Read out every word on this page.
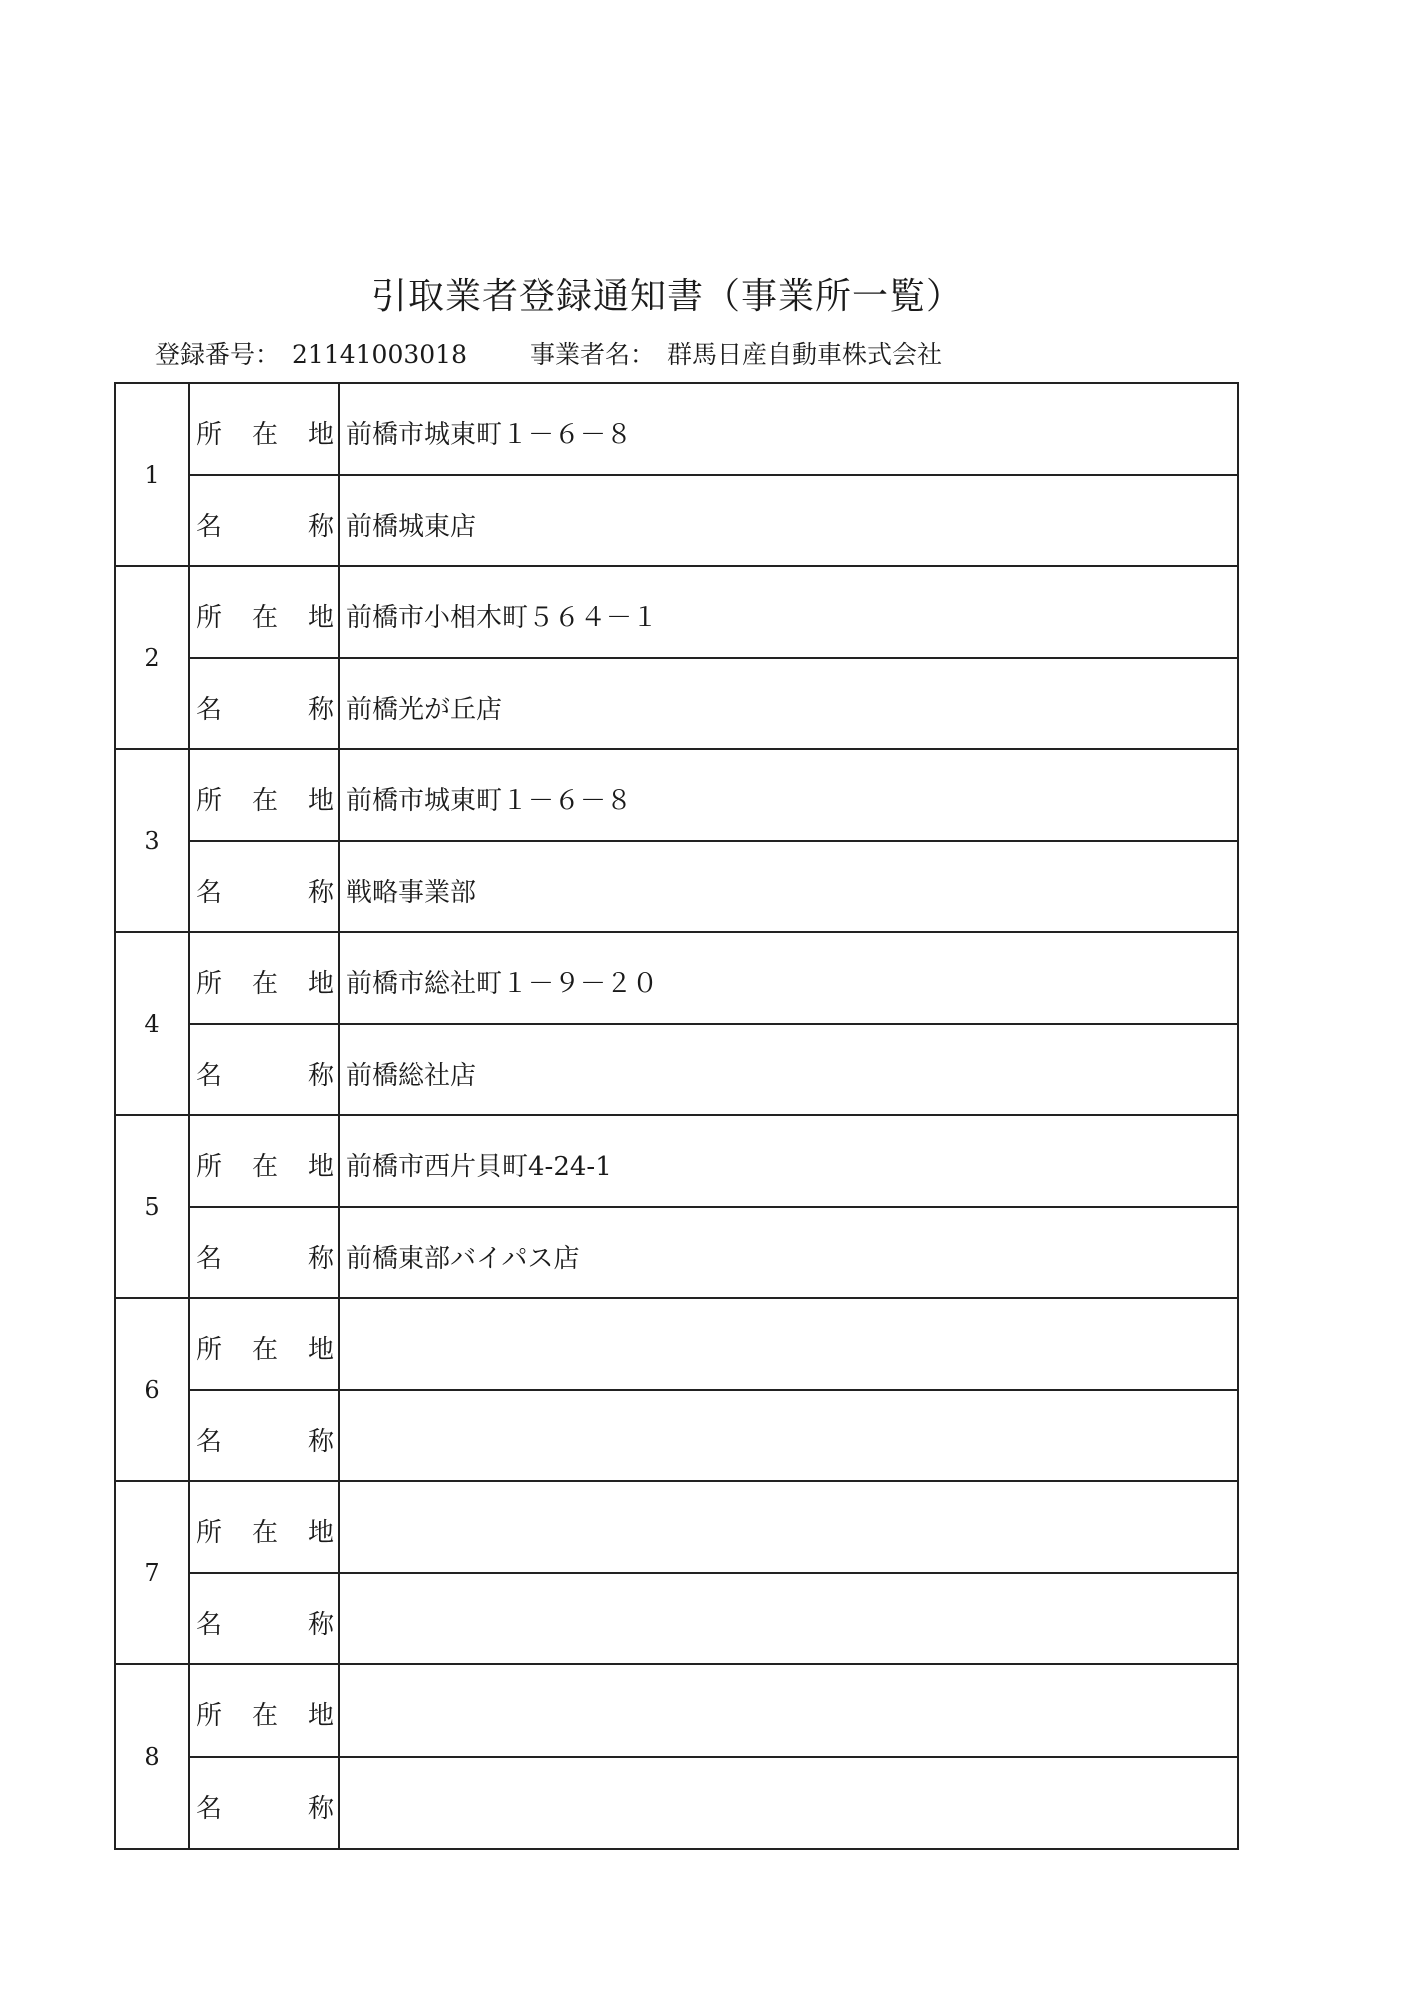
引取業者登録通知書（事業所一覧）
登録番号： 21141003018	事業者名： 群馬日産自動車株式会社
1
所　在　地 前橋市城東町１－６－８
名　　　称 前橋城東店
2
所　在　地 前橋市小相木町５６４－１
名　　　称 前橋光が丘店
3
所　在　地 前橋市城東町１－６－８
名　　　称 戦略事業部
4
所　在　地 前橋市総社町１－９－２０
名　　　称 前橋総社店
5
所　在　地 前橋市西片貝町4-24-1
名　　　称 前橋東部バイパス店
6
所　在　地
名　　　称
7
所　在　地
名　　　称
8
所　在　地
名　　　称
